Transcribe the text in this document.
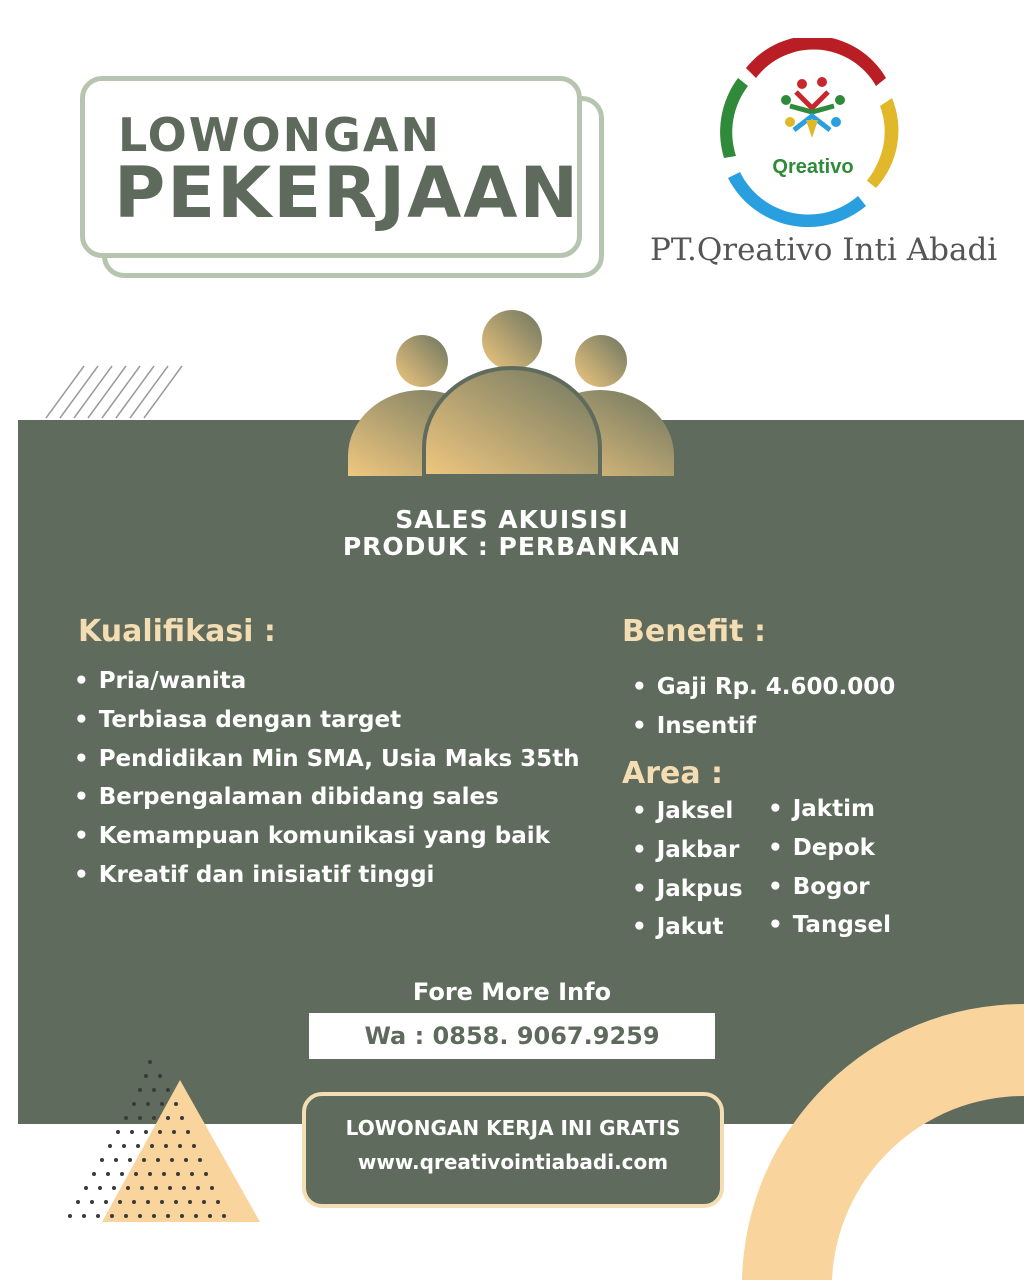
LOWONGAN
PEKERJAAN	Qreativo
PT.Qreativo Inti Abadi
SALES AKUISISI
PRODUK : PERBANKAN
Kualifikasi :
• Pria/wanita
• Terbiasa dengan target
• Pendidikan Min SMA, Usia Maks 35th
• Berpengalaman dibidang sales
• Kemampuan komunikasi yang baik
• Kreatif dan inisiatif tinggi
Benefit :
• Gaji Rp. 4.600.000
• Insentif
Area :
• Jaksel
• Jakbar
• Jakpus
• Jakut
• Jaktim
• Depok
• Bogor
• Tangsel
Fore More Info
Wa : 0858. 9067.9259
LOWONGAN KERJA INI GRATIS
www.qreativointiabadi.com
